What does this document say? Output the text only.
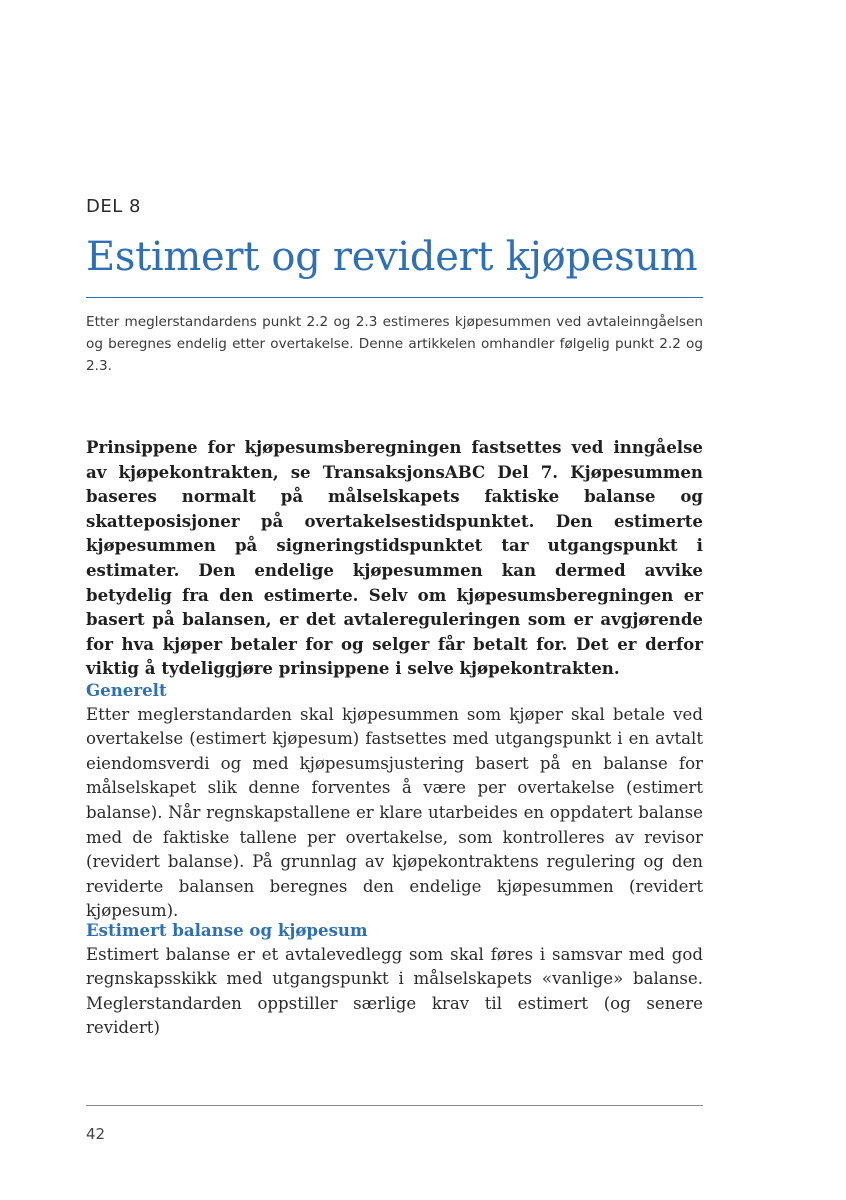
DEL 8
Estimert og revidert kjøpesum

Etter meglerstandardens punkt 2.2 og 2.3 estimeres kjøpesummen ved avtaleinngåelsen og beregnes endelig etter overtakelse. Denne artikkelen omhandler følgelig punkt 2.2 og 2.3.

Prinsippene for kjøpesumsberegningen fastsettes ved inngåelse av kjøpekontrakten, se TransaksjonsABC Del 7. Kjøpesummen baseres normalt på målselskapets faktiske balanse og skatteposisjoner på overtakelsestidspunktet. Den estimerte kjøpesummen på signeringstidspunktet tar utgangspunkt i estimater. Den endelige kjøpesummen kan dermed avvike betydelig fra den estimerte. Selv om kjøpesumsberegningen er basert på balansen, er det avtalereguleringen som er avgjørende for hva kjøper betaler for og selger får betalt for. Det er derfor viktig å tydeliggjøre prinsippene i selve kjøpekontrakten.

Generelt

Etter meglerstandarden skal kjøpesummen som kjøper skal betale ved overtakelse (estimert kjøpesum) fastsettes med utgangspunkt i en avtalt eiendomsverdi og med kjøpesumsjustering basert på en balanse for målselskapet slik denne forventes å være per overtakelse (estimert balanse). Når regnskapstallene er klare utarbeides en oppdatert balanse med de faktiske tallene per overtakelse, som kontrolleres av revisor (revidert balanse). På grunnlag av kjøpekontraktens regulering og den reviderte balansen beregnes den endelige kjøpesummen (revidert kjøpesum).

Estimert balanse og kjøpesum

Estimert balanse er et avtalevedlegg som skal føres i samsvar med god regnskapsskikk med utgangspunkt i målselskapets «vanlige» balanse. Meglerstandarden oppstiller særlige krav til estimert (og senere revidert)

42
